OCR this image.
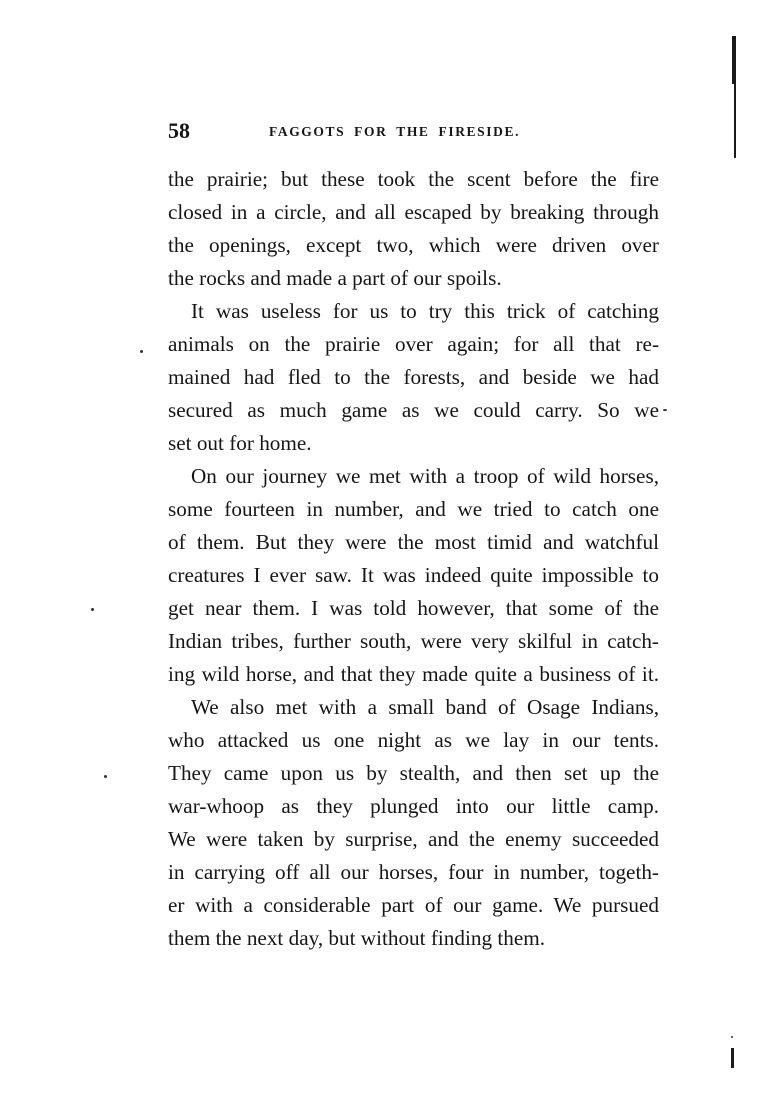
58	FAGGOTS FOR THE FIRESIDE.
the prairie; but these took the scent before the fire
closed in a circle, and all escaped by breaking through
the openings, except two, which were driven over
the rocks and made a part of our spoils.
It was useless for us to try this trick of catching
animals on the prairie over again; for all that re-
mained had fled to the forests, and beside we had
secured as much game as we could carry. So we
set out for home.
On our journey we met with a troop of wild horses,
some fourteen in number, and we tried to catch one
of them. But they were the most timid and watchful
creatures I ever saw. It was indeed quite impossible to
get near them. I was told however, that some of the
Indian tribes, further south, were very skilful in catch-
ing wild horse, and that they made quite a business of it.
We also met with a small band of Osage Indians,
who attacked us one night as we lay in our tents.
They came upon us by stealth, and then set up the
war-whoop as they plunged into our little camp.
We were taken by surprise, and the enemy succeeded
in carrying off all our horses, four in number, togeth-
er with a considerable part of our game. We pursued
them the next day, but without finding them.
